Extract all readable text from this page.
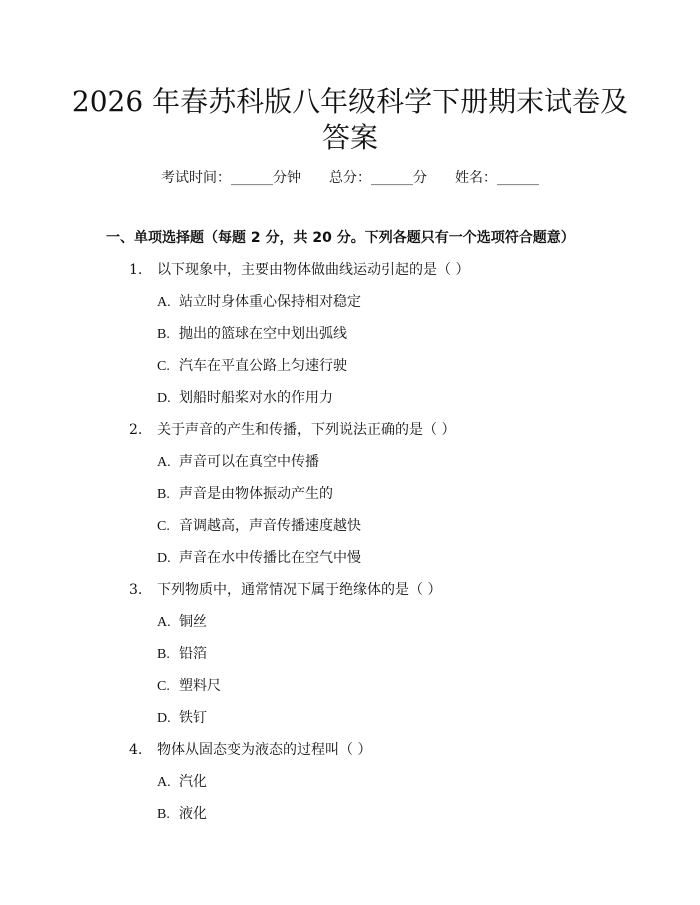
2026 年春苏科版八年级科学下册期末试卷及
答案
考试时间：______分钟 总分：______分 姓名：______
一、单项选择题（每题 2 分，共 20 分。下列各题只有一个选项符合题意）
1.	以下现象中，主要由物体做曲线运动引起的是（ ）
A. 站立时身体重心保持相对稳定
B. 抛出的篮球在空中划出弧线
C. 汽车在平直公路上匀速行驶
D. 划船时船桨对水的作用力
2.	关于声音的产生和传播，下列说法正确的是（ ）
A. 声音可以在真空中传播
B. 声音是由物体振动产生的
C. 音调越高，声音传播速度越快
D. 声音在水中传播比在空气中慢
3.	下列物质中，通常情况下属于绝缘体的是（ ）
A. 铜丝
B. 铅箔
C. 塑料尺
D. 铁钉
4.	物体从固态变为液态的过程叫（ ）
A. 汽化
B. 液化
